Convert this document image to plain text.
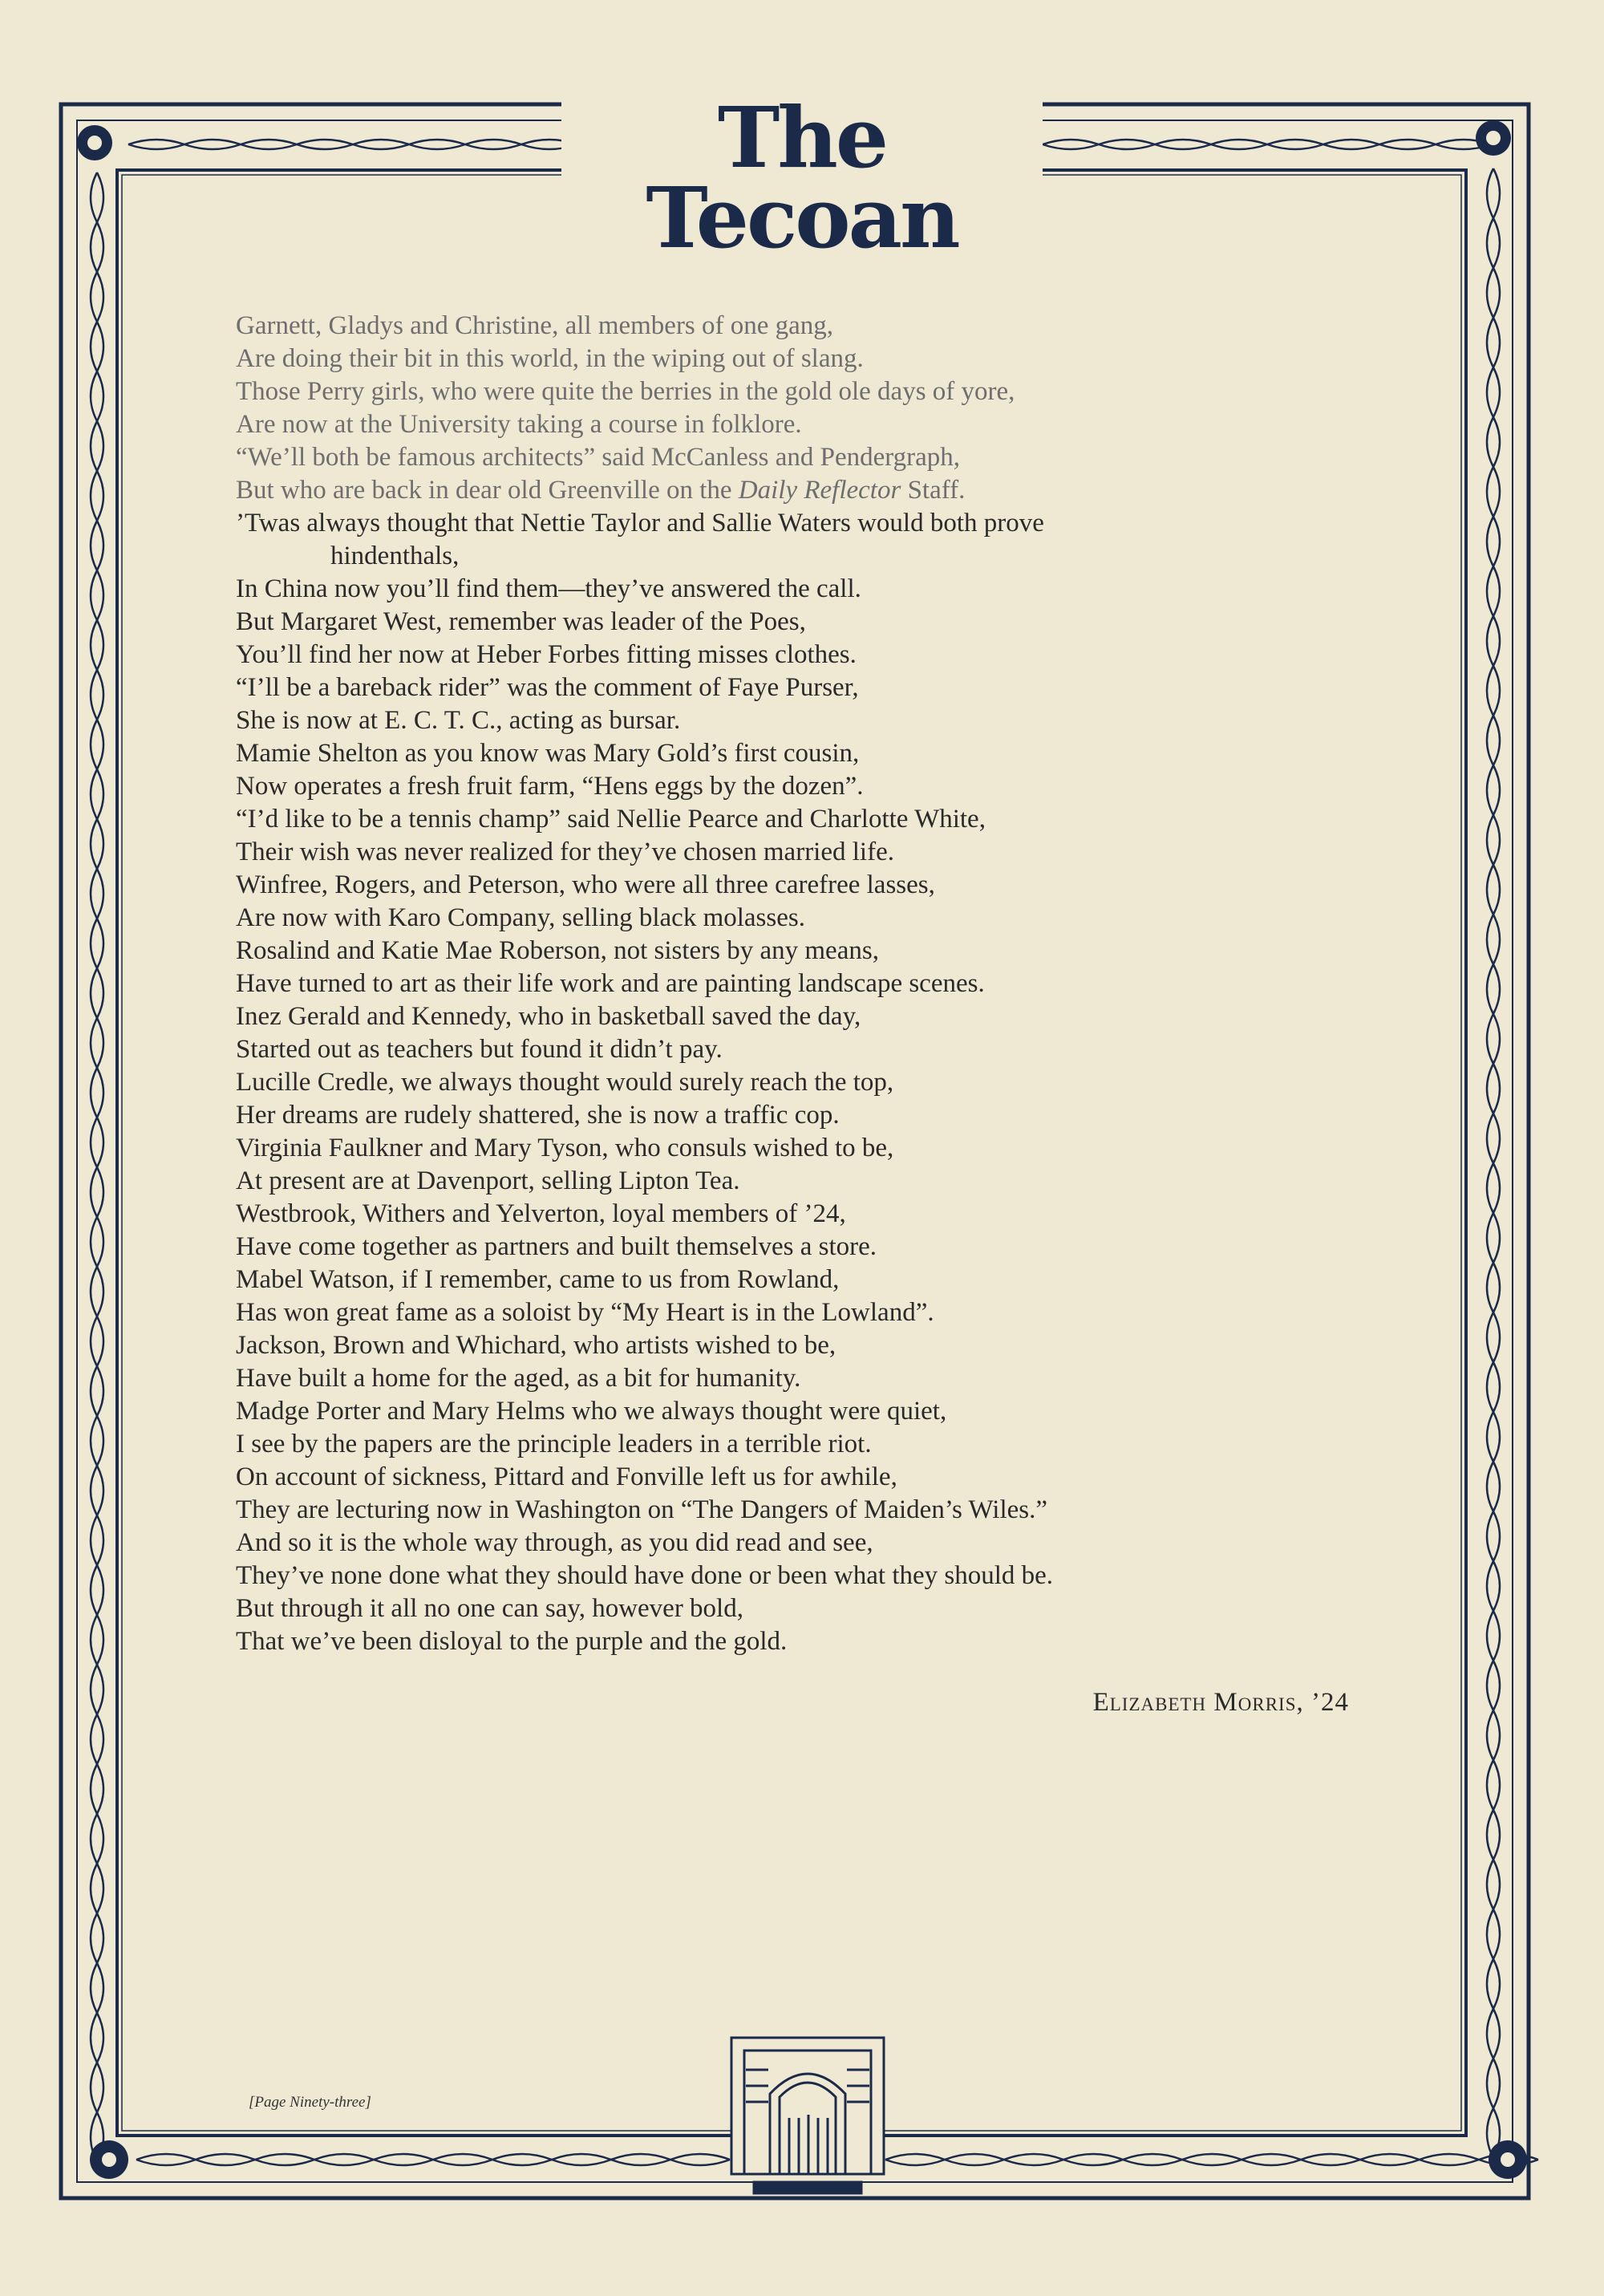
The Tecoan
Garnett, Gladys and Christine, all members of one gang,
Are doing their bit in this world, in the wiping out of slang.
Those Perry girls, who were quite the berries in the gold ole days of yore,
Are now at the University taking a course in folklore.
“We’ll both be famous architects” said McCanless and Pendergraph,
But who are back in dear old Greenville on the Daily Reflector Staff.
’Twas always thought that Nettie Taylor and Sallie Waters would both prove
hindenthals,
In China now you’ll find them—they’ve answered the call.
But Margaret West, remember was leader of the Poes,
You’ll find her now at Heber Forbes fitting misses clothes.
“I’ll be a bareback rider” was the comment of Faye Purser,
She is now at E. C. T. C., acting as bursar.
Mamie Shelton as you know was Mary Gold’s first cousin,
Now operates a fresh fruit farm, “Hens eggs by the dozen”.
“I’d like to be a tennis champ” said Nellie Pearce and Charlotte White,
Their wish was never realized for they’ve chosen married life.
Winfree, Rogers, and Peterson, who were all three carefree lasses,
Are now with Karo Company, selling black molasses.
Rosalind and Katie Mae Roberson, not sisters by any means,
Have turned to art as their life work and are painting landscape scenes.
Inez Gerald and Kennedy, who in basketball saved the day,
Started out as teachers but found it didn’t pay.
Lucille Credle, we always thought would surely reach the top,
Her dreams are rudely shattered, she is now a traffic cop.
Virginia Faulkner and Mary Tyson, who consuls wished to be,
At present are at Davenport, selling Lipton Tea.
Westbrook, Withers and Yelverton, loyal members of ’24,
Have come together as partners and built themselves a store.
Mabel Watson, if I remember, came to us from Rowland,
Has won great fame as a soloist by “My Heart is in the Lowland”.
Jackson, Brown and Whichard, who artists wished to be,
Have built a home for the aged, as a bit for humanity.
Madge Porter and Mary Helms who we always thought were quiet,
I see by the papers are the principle leaders in a terrible riot.
On account of sickness, Pittard and Fonville left us for awhile,
They are lecturing now in Washington on “The Dangers of Maiden’s Wiles.”
And so it is the whole way through, as you did read and see,
They’ve none done what they should have done or been what they should be.
But through it all no one can say, however bold,
That we’ve been disloyal to the purple and the gold.
Elizabeth Morris, ’24
[Page Ninety-three]
